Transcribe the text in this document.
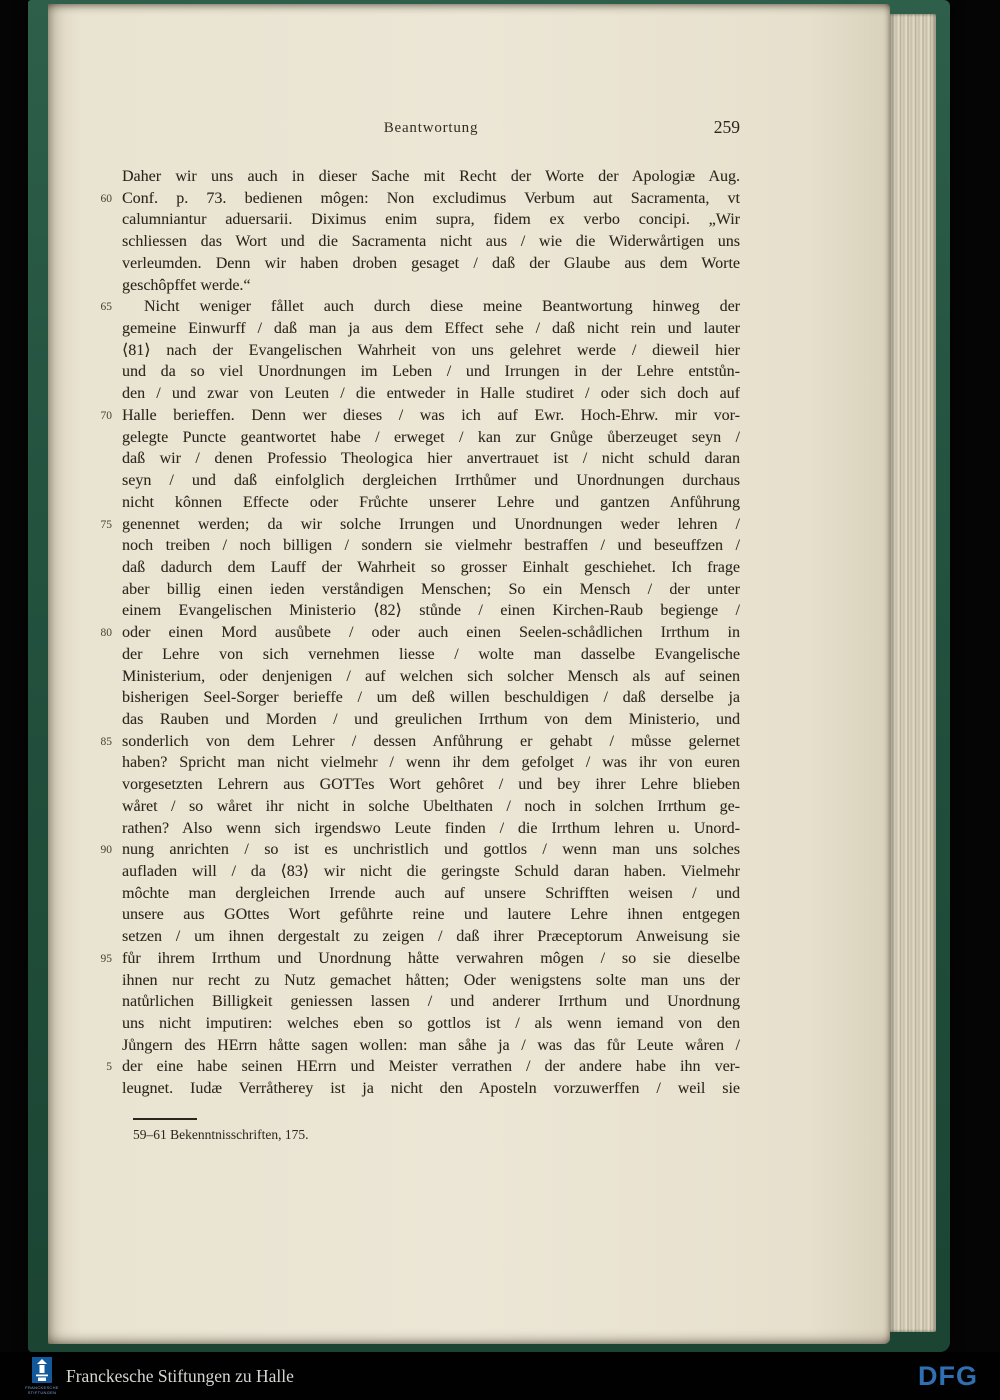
Beantwortung	259
Daher wir uns auch in dieser Sache mit Recht der Worte der Apologiæ Aug.
60 Conf. p. 73. bedienen môgen: Non excludimus Verbum aut Sacramenta, vt
calumniantur aduersarii. Diximus enim supra, fidem ex verbo concipi. „Wir
schliessen das Wort und die Sacramenta nicht aus / wie die Widerwårtigen uns
verleumden. Denn wir haben droben gesaget / daß der Glaube aus dem Worte
geschôpffet werde.“
65	Nicht weniger fållet auch durch diese meine Beantwortung hinweg der
gemeine Einwurff / daß man ja aus dem Effect sehe / daß nicht rein und lauter
⟨81⟩ nach der Evangelischen Wahrheit von uns gelehret werde / dieweil hier
und da so viel Unordnungen im Leben / und Irrungen in der Lehre entstůn-
den / und zwar von Leuten / die entweder in Halle studiret / oder sich doch auf
70 Halle berieffen. Denn wer dieses / was ich auf Ewr. Hoch-Ehrw. mir vor-
gelegte Puncte geantwortet habe / erweget / kan zur Gnůge ůberzeuget seyn /
daß wir / denen Professio Theologica hier anvertrauet ist / nicht schuld daran
seyn / und daß einfolglich dergleichen Irrthůmer und Unordnungen durchaus
nicht kônnen Effecte oder Frůchte unserer Lehre und gantzen Anfůhrung
75 genennet werden; da wir solche Irrungen und Unordnungen weder lehren /
noch treiben / noch billigen / sondern sie vielmehr bestraffen / und beseuffzen /
daß dadurch dem Lauff der Wahrheit so grosser Einhalt geschiehet. Ich frage
aber billig einen ieden verståndigen Menschen; So ein Mensch / der unter
einem Evangelischen Ministerio ⟨82⟩ stůnde / einen Kirchen-Raub begienge /
80 oder einen Mord ausůbete / oder auch einen Seelen-schådlichen Irrthum in
der Lehre von sich vernehmen liesse / wolte man dasselbe Evangelische
Ministerium, oder denjenigen / auf welchen sich solcher Mensch als auf seinen
bisherigen Seel-Sorger berieffe / um deß willen beschuldigen / daß derselbe ja
das Rauben und Morden / und greulichen Irrthum von dem Ministerio, und
85 sonderlich von dem Lehrer / dessen Anfůhrung er gehabt / můsse gelernet
haben? Spricht man nicht vielmehr / wenn ihr dem gefolget / was ihr von euren
vorgesetzten Lehrern aus GOTTes Wort gehôret / und bey ihrer Lehre blieben
wåret / so wåret ihr nicht in solche Ubelthaten / noch in solchen Irrthum ge-
rathen? Also wenn sich irgendswo Leute finden / die Irrthum lehren u. Unord-
90 nung anrichten / so ist es unchristlich und gottlos / wenn man uns solches
aufladen will / da ⟨83⟩ wir nicht die geringste Schuld daran haben. Vielmehr
môchte man dergleichen Irrende auch auf unsere Schrifften weisen / und
unsere aus GOttes Wort gefůhrte reine und lautere Lehre ihnen entgegen
setzen / um ihnen dergestalt zu zeigen / daß ihrer Præceptorum Anweisung sie
95 fůr ihrem Irrthum und Unordnung håtte verwahren môgen / so sie dieselbe
ihnen nur recht zu Nutz gemachet håtten; Oder wenigstens solte man uns der
natůrlichen Billigkeit geniessen lassen / und anderer Irrthum und Unordnung
uns nicht imputiren: welches eben so gottlos ist / als wenn iemand von den
Jůngern des HErrn håtte sagen wollen: man såhe ja / was das fůr Leute wåren /
5 der eine habe seinen HErrn und Meister verrathen / der andere habe ihn ver-
leugnet. Iudæ Verråtherey ist ja nicht den Aposteln vorzuwerffen / weil sie
59–61 Bekenntnisschriften, 175.
FRANCKESCHE
STIFTUNGEN
Franckesche Stiftungen zu Halle	DFG
